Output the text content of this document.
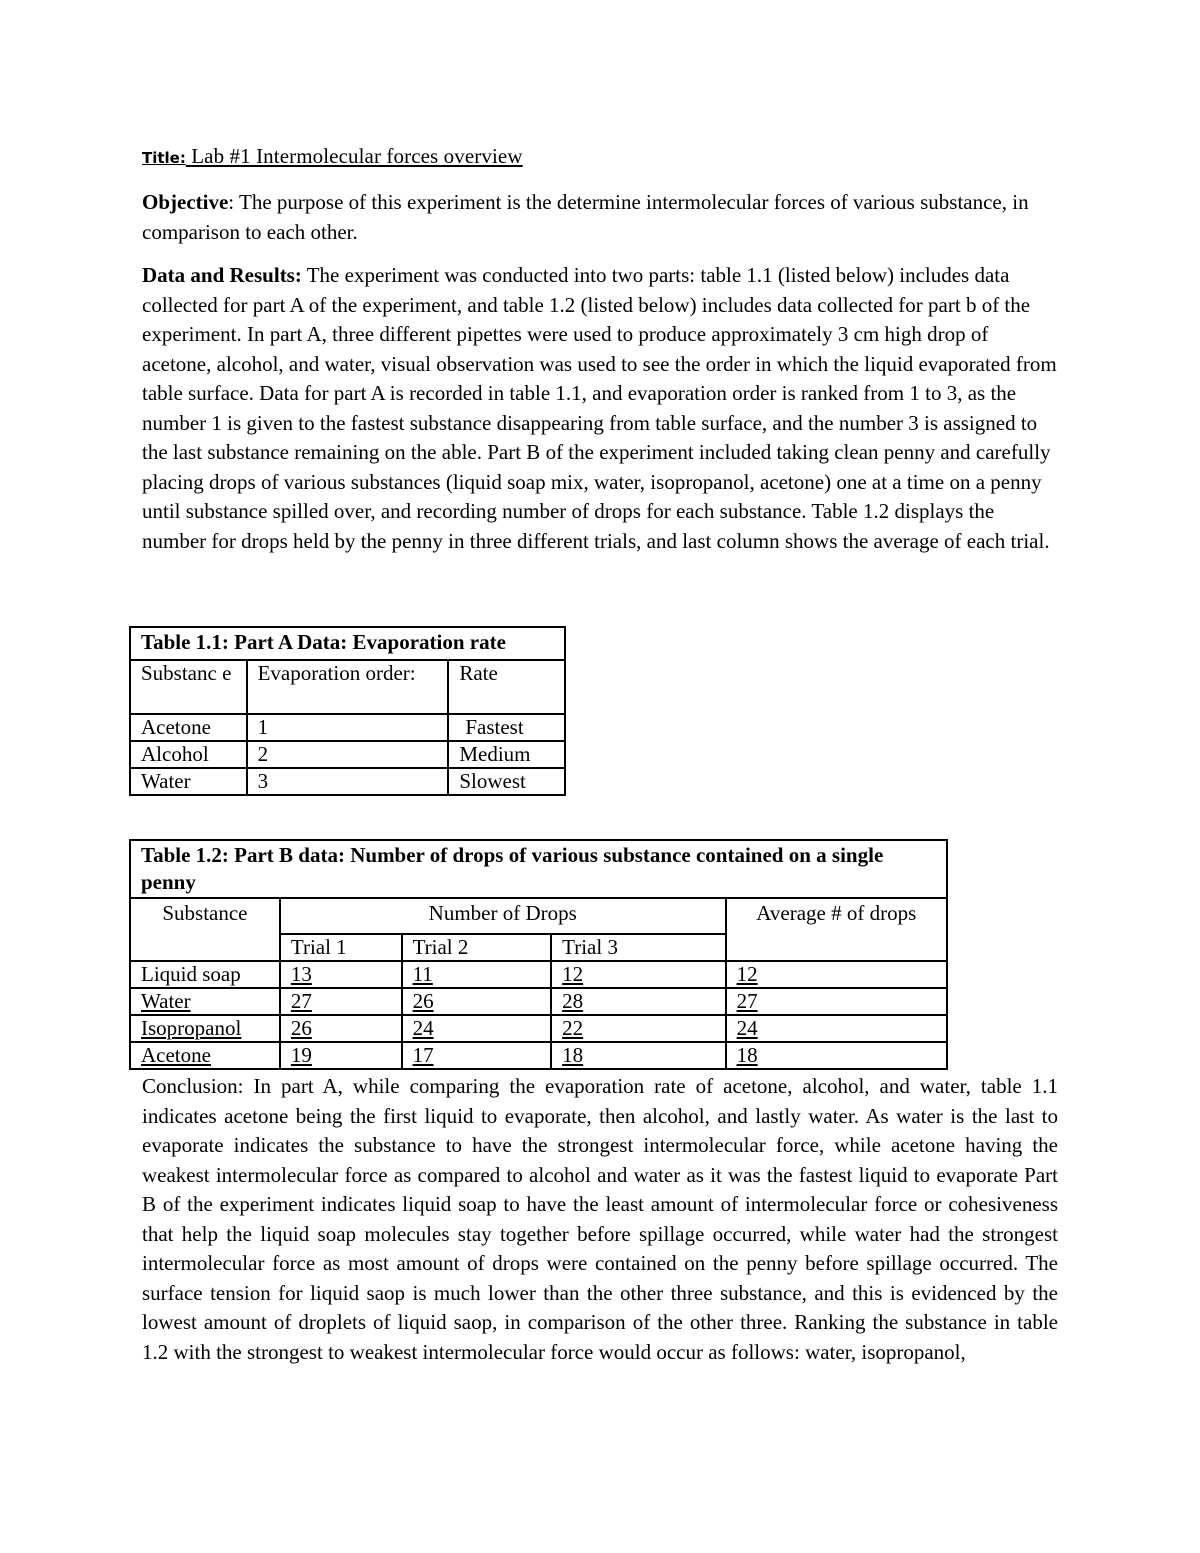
Title: Lab #1 Intermolecular forces overview
Objective: The purpose of this experiment is the determine intermolecular forces of various substance, in comparison to each other.
Data and Results: The experiment was conducted into two parts: table 1.1 (listed below) includes data collected for part A of the experiment, and table 1.2 (listed below) includes data collected for part b of the experiment. In part A, three different pipettes were used to produce approximately 3 cm high drop of acetone, alcohol, and water, visual observation was used to see the order in which the liquid evaporated from table surface. Data for part A is recorded in table 1.1, and evaporation order is ranked from 1 to 3, as the number 1 is given to the fastest substance disappearing from table surface, and the number 3 is assigned to the last substance remaining on the able. Part B of the experiment included taking clean penny and carefully placing drops of various substances (liquid soap mix, water, isopropanol, acetone) one at a time on a penny until substance spilled over, and recording number of drops for each substance. Table 1.2 displays the number for drops held by the penny in three different trials, and last column shows the average of each trial.
Table 1.1: Part A Data: Evaporation rate		
Substanc e	Evaporation order:	Rate
Acetone	1	Fastest
Alcohol	2	Medium
Water	3	Slowest
Table 1.2: Part B data: Number of drops of various substance contained on a single penny				
Substance	Number of Drops			Average # of drops
	Trial 1	Trial 2	Trial 3	
Liquid soap	13	11	12	12
Water	27	26	28	27
Isopropanol	26	24	22	24
Acetone	19	17	18	18
Conclusion: In part A, while comparing the evaporation rate of acetone, alcohol, and water, table 1.1 indicates acetone being the first liquid to evaporate, then alcohol, and lastly water. As water is the last to evaporate indicates the substance to have the strongest intermolecular force, while acetone having the weakest intermolecular force as compared to alcohol and water as it was the fastest liquid to evaporate Part B of the experiment indicates liquid soap to have the least amount of intermolecular force or cohesiveness that help the liquid soap molecules stay together before spillage occurred, while water had the strongest intermolecular force as most amount of drops were contained on the penny before spillage occurred. The surface tension for liquid saop is much lower than the other three substance, and this is evidenced by the lowest amount of droplets of liquid saop, in comparison of the other three. Ranking the substance in table 1.2 with the strongest to weakest intermolecular force would occur as follows: water, isopropanol,
